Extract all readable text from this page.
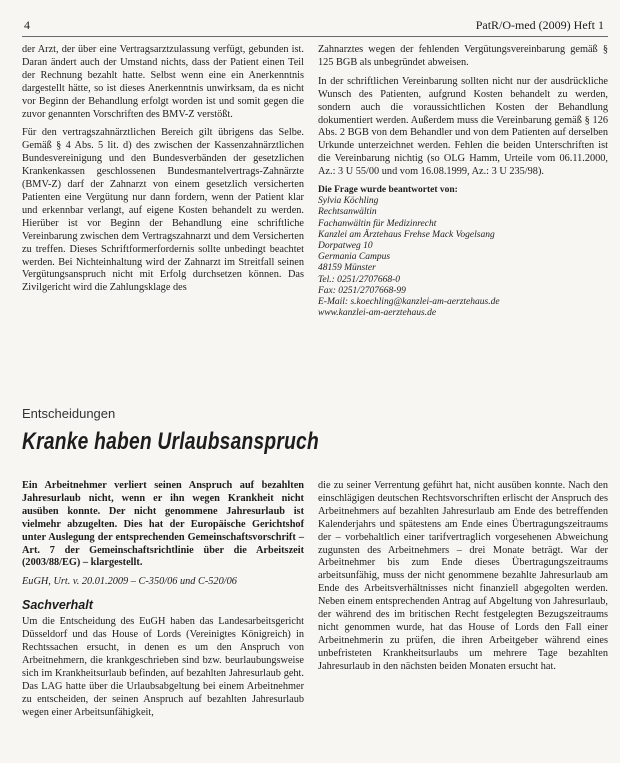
4	PatR/O-med (2009) Heft 1

der Arzt, der über eine Vertragsarztzulassung verfügt, gebunden ist. Daran ändert auch der Umstand nichts, dass der Patient einen Teil der Rechnung bezahlt hatte. Selbst wenn eine ein Anerkenntnis dargestellt hätte, so ist dieses Anerkenntnis unwirksam, da es nicht vor Beginn der Behandlung erfolgt worden ist und somit gegen die zuvor genannten Vorschriften des BMV-Z verstößt.

Für den vertragszahnärztlichen Bereich gilt übrigens das Selbe. Gemäß § 4 Abs. 5 lit. d) des zwischen der Kassenzahnärztlichen Bundesvereinigung und den Bundesverbänden der gesetzlichen Krankenkassen geschlossenen Bundesmantelvertrags-Zahnärzte (BMV-Z) darf der Zahnarzt von einem gesetzlich versicherten Patienten eine Vergütung nur dann fordern, wenn der Patient klar und erkennbar verlangt, auf eigene Kosten behandelt zu werden. Hierüber ist vor Beginn der Behandlung eine schriftliche Vereinbarung zwischen dem Vertragszahnarzt und dem Versicherten zu treffen. Dieses Schriftformerfordernis sollte unbedingt beachtet werden. Bei Nichteinhaltung wird der Zahnarzt im Streitfall seinen Vergütungsanspruch nicht mit Erfolg durchsetzen können. Das Zivilgericht wird die Zahlungsklage des

Zahnarztes wegen der fehlenden Vergütungsvereinbarung gemäß § 125 BGB als unbegründet abweisen.

In der schriftlichen Vereinbarung sollten nicht nur der ausdrückliche Wunsch des Patienten, aufgrund Kosten behandelt zu werden, sondern auch die voraussichtlichen Kosten der Behandlung dokumentiert werden. Außerdem muss die Vereinbarung gemäß § 126 Abs. 2 BGB von dem Behandler und von dem Patienten auf derselben Urkunde unterzeichnet werden. Fehlen die beiden Unterschriften ist die Vereinbarung nichtig (so OLG Hamm, Urteile vom 06.11.2000, Az.: 3 U 55/00 und vom 16.08.1999, Az.: 3 U 235/98).

Die Frage wurde beantwortet von:
Sylvia Köchling
Rechtsanwältin
Fachanwältin für Medizinrecht
Kanzlei am Ärztehaus Frehse Mack Vogelsang
Dorpatweg 10
Germania Campus
48159 Münster
Tel.: 0251/2707668-0
Fax: 0251/2707668-99
E-Mail: s.koechling@kanzlei-am-aerztehaus.de
www.kanzlei-am-aerztehaus.de
Entscheidungen
Kranke haben Urlaubsanspruch

Ein Arbeitnehmer verliert seinen Anspruch auf bezahlten Jahresurlaub nicht, wenn er ihn wegen Krankheit nicht ausüben konnte. Der nicht genommene Jahresurlaub ist vielmehr abzugelten. Dies hat der Europäische Gerichtshof unter Auslegung der entsprechenden Gemeinschaftsvorschrift – Art. 7 der Gemeinschaftsrichtlinie über die Arbeitszeit (2003/88/EG) – klargestellt.

EuGH, Urt. v. 20.01.2009 – C-350/06 und C-520/06

Sachverhalt

Um die Entscheidung des EuGH haben das Landesarbeitsgericht Düsseldorf und das House of Lords (Vereinigtes Königreich) in Rechtssachen ersucht, in denen es um den Anspruch von Arbeitnehmern, die krankgeschrieben sind bzw. beurlaubungsweise sich im Krankheitsurlaub befinden, auf bezahlten Jahresurlaub geht. Das LAG hatte über die Urlaubsabgeltung bei einem Arbeitnehmer zu entscheiden, der seinen Anspruch auf bezahlten Jahresurlaub wegen einer Arbeitsunfähigkeit,

die zu seiner Verrentung geführt hat, nicht ausüben konnte. Nach den einschlägigen deutschen Rechtsvorschriften erlischt der Anspruch des Arbeitnehmers auf bezahlten Jahresurlaub am Ende des betreffenden Kalenderjahrs und spätestens am Ende eines Übertragungszeitraums der – vorbehaltlich einer tarifvertraglich vorgesehenen Abweichung zugunsten des Arbeitnehmers – drei Monate beträgt. War der Arbeitnehmer bis zum Ende dieses Übertragungszeitraums arbeitsunfähig, muss der nicht genommene bezahlte Jahresurlaub am Ende des Arbeitsverhältnisses nicht finanziell abgegolten werden. Neben einem entsprechenden Antrag auf Abgeltung von Jahresurlaub, der während des im britischen Recht festgelegten Bezugszeitraums nicht genommen wurde, hat das House of Lords den Fall einer Arbeitnehmerin zu prüfen, die ihren Arbeitgeber während eines unbefristeten Krankheitsurlaubs um mehrere Tage bezahlten Jahresurlaub in den nächsten beiden Monaten ersucht hat.
